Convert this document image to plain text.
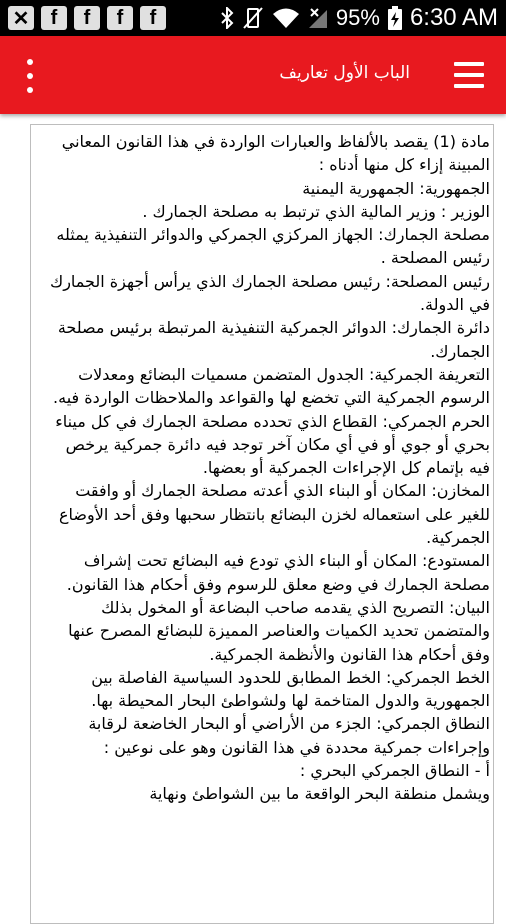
✕	f	f	f	f	95% 6:30 AM
الباب الأول تعاريف
مادة (1) يقصد بالألفاظ والعبارات الواردة في هذا القانون المعاني المبينة إزاء كل منها أدناه :
الجمهورية: الجمهورية اليمنية
الوزير : وزير المالية الذي ترتبط به مصلحة الجمارك .
مصلحة الجمارك: الجهاز المركزي الجمركي والدوائر التنفيذية يمثله رئيس المصلحة .
رئيس المصلحة: رئيس مصلحة الجمارك الذي يرأس أجهزة الجمارك في الدولة.
دائرة الجمارك: الدوائر الجمركية التنفيذية المرتبطة برئيس مصلحة الجمارك.
التعريفة الجمركية: الجدول المتضمن مسميات البضائع ومعدلات الرسوم الجمركية التي تخضع لها والقواعد والملاحظات الواردة فيه.
الحرم الجمركي: القطاع الذي تحدده مصلحة الجمارك في كل ميناء بحري أو جوي أو في أي مكان آخر توجد فيه دائرة جمركية يرخص فيه بإتمام كل الإجراءات الجمركية أو بعضها.
المخازن: المكان أو البناء الذي أعدته مصلحة الجمارك أو وافقت للغير على استعماله لخزن البضائع بانتظار سحبها وفق أحد الأوضاع الجمركية.
المستودع: المكان أو البناء الذي تودع فيه البضائع تحت إشراف مصلحة الجمارك في وضع معلق للرسوم وفق أحكام هذا القانون.
البيان: التصريح الذي يقدمه صاحب البضاعة أو المخول بذلك والمتضمن تحديد الكميات والعناصر المميزة للبضائع المصرح عنها وفق أحكام هذا القانون والأنظمة الجمركية.
الخط الجمركي: الخط المطابق للحدود السياسية الفاصلة بين الجمهورية والدول المتاخمة لها ولشواطئ البحار المحيطة بها.
النطاق الجمركي: الجزء من الأراضي أو البحار الخاضعة لرقابة وإجراءات جمركية محددة في هذا القانون وهو على نوعين :
أ - النطاق الجمركي البحري :
ويشمل منطقة البحر الواقعة ما بين الشواطئ ونهاية
